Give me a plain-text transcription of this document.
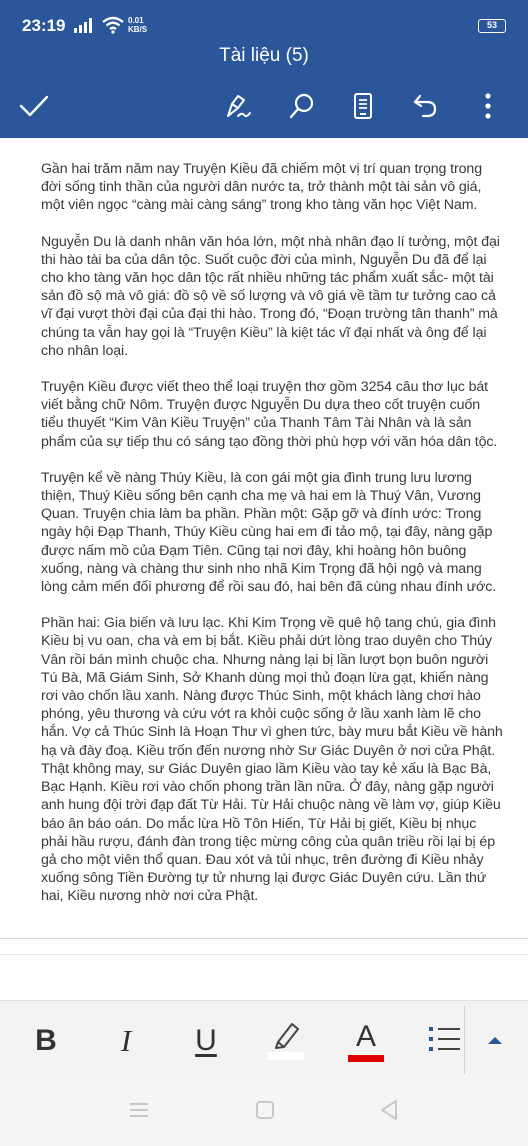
23:19	0.01
KB/S	53
Tài liệu (5)

Gần hai trăm năm nay Truyện Kiều đã chiếm một vị trí quan trọng trong đời sống tinh thần của người dân nước ta, trở thành một tài sản vô giá, một viên ngọc “càng mài càng sáng” trong kho tàng văn học Việt Nam.

Nguyễn Du là danh nhân văn hóa lớn, một nhà nhân đạo lí tưởng, một đại thi hào tài ba của dân tộc. Suốt cuộc đời của mình, Nguyễn Du đã để lại cho kho tàng văn học dân tộc rất nhiều những tác phẩm xuất sắc- một tài sản đồ sộ mà vô giá: đồ sộ về số lượng và vô giá về tầm tư tưởng cao cả vĩ đại vượt thời đại của đại thi hào. Trong đó, “Đoạn trường tân thanh” mà chúng ta vẫn hay gọi là “Truyện Kiều” là kiệt tác vĩ đại nhất và ông để lại cho nhân loại.

Truyện Kiều được viết theo thể loại truyện thơ gồm 3254 câu thơ lục bát viết bằng chữ Nôm. Truyện được Nguyễn Du dựa theo cốt truyện cuốn tiểu thuyết “Kim Vân Kiều Truyện” của Thanh Tâm Tài Nhân và là sản phẩm của sự tiếp thu có sáng tạo đồng thời phù hợp với văn hóa dân tộc.

Truyện kể về nàng Thúy Kiều, là con gái một gia đình trung lưu lương thiện, Thuý Kiều sống bên cạnh cha mẹ và hai em là Thuý Vân, Vương Quan. Truyện chia làm ba phần. Phần một: Gặp gỡ và đính ước: Trong ngày hội Đạp Thanh, Thúy Kiều cùng hai em đi tảo mộ, tại đây, nàng gặp được nấm mồ của Đạm Tiên. Cũng tại nơi đây, khi hoàng hôn buông xuống, nàng và chàng thư sinh nho nhã Kim Trọng đã hội ngộ và mang lòng cảm mến đối phương để rồi sau đó, hai bên đã cùng nhau đính ước.

Phần hai: Gia biến và lưu lạc. Khi Kim Trọng về quê hộ tang chú, gia đình Kiều bị vu oan, cha và em bị bắt. Kiều phải dứt lòng trao duyên cho Thúy Vân rồi bán mình chuộc cha. Nhưng nàng lại bị lần lượt bọn buôn người Tú Bà, Mã Giám Sinh, Sở Khanh dùng mọi thủ đoạn lừa gạt, khiến nàng rơi vào chốn lầu xanh. Nàng được Thúc Sinh, một khách làng chơi hào phóng, yêu thương và cứu vớt ra khỏi cuộc sống ở lầu xanh làm lẽ cho hắn. Vợ cả Thúc Sinh là Hoạn Thư vì ghen tức, bày mưu bắt Kiều về hành hạ và đày đoạ. Kiều trốn đến nương nhờ Sư Giác Duyên ở nơi cửa Phật. Thật không may, sư Giác Duyên giao lầm Kiều vào tay kẻ xấu là Bạc Bà, Bạc Hạnh. Kiều rơi vào chốn phong trần lần nữa. Ở đây, nàng gặp người anh hung đội trời đạp đất Từ Hải. Từ Hải chuộc nàng về làm vợ, giúp Kiều báo ân báo oán. Do mắc lừa Hồ Tôn Hiến, Từ Hải bị giết, Kiều bị nhục phải hầu rượu, đánh đàn trong tiệc mừng công của quân triều rồi lại bị ép gả cho một viên thổ quan. Đau xót và tủi nhục, trên đường đi Kiều nhảy xuống sông Tiền Đường tự tử nhưng lại được Giác Duyên cứu. Lần thứ hai, Kiều nương nhờ nơi cửa Phật.

B	I	U	A
